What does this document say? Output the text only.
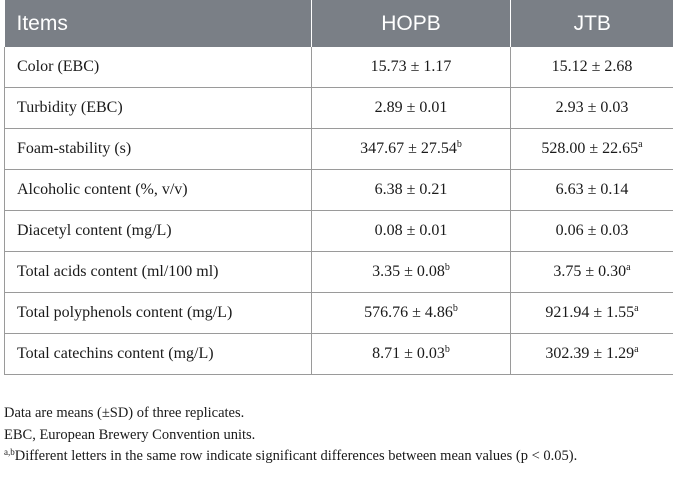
Items	HOPB	JTB
Color (EBC)	15.73 ± 1.17	15.12 ± 2.68
Turbidity (EBC)	2.89 ± 0.01	2.93 ± 0.03
Foam-stability (s)	347.67 ± 27.54$^b$	528.00 ± 22.65$^a$
Alcoholic content (%, v/v)	6.38 ± 0.21	6.63 ± 0.14
Diacetyl content (mg/L)	0.08 ± 0.01	0.06 ± 0.03
Total acids content (ml/100 ml)	3.35 ± 0.08$^b$	3.75 ± 0.30$^a$
Total polyphenols content (mg/L)	576.76 ± 4.86$^b$	921.94 ± 1.55$^a$
Total catechins content (mg/L)	8.71 ± 0.03$^b$	302.39 ± 1.29$^a$

Data are means (±SD) of three replicates.

EBC, European Brewery Convention units.

$^{a,b}$Different letters in the same row indicate significant differences between mean values (p < 0.05).
